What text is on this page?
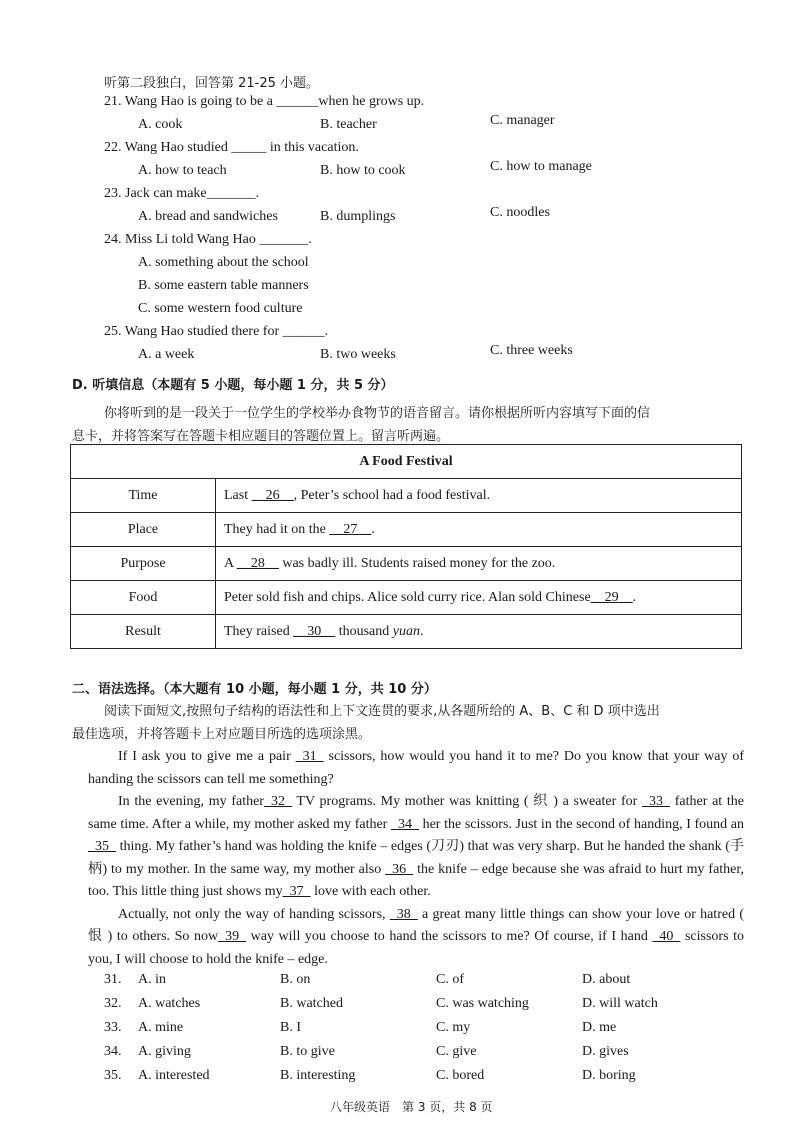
听第二段独白，回答第 21-25 小题。
21. Wang Hao is going to be a ______when he grows up.
A. cook	B. teacher	C. manager
22. Wang Hao studied _____ in this vacation.
A. how to teach	B. how to cook	C. how to manage
23. Jack can make_______.
A. bread and sandwiches	B. dumplings	C. noodles
24. Miss Li told Wang Hao _______.
A. something about the school
B. some eastern table manners
C. some western food culture
25. Wang Hao studied there for ______.
A. a week	B. two weeks	C. three weeks
D. 听填信息（本题有 5 小题，每小题 1 分，共 5 分）
你将听到的是一段关于一位学生的学校举办食物节的语音留言。请你根据所听内容填写下面的信
息卡，并将答案写在答题卡相应题目的答题位置上。留言听两遍。
A Food Festival	
Time	Last __26__, Peter’s school had a food festival.
Place	They had it on the __27__.
Purpose	A __28__ was badly ill. Students raised money for the zoo.
Food	Peter sold fish and chips. Alice sold curry rice. Alan sold Chinese__29__.
Result	They raised __30__ thousand yuan.
二、语法选择。（本大题有 10 小题，每小题 1 分，共 10 分）
阅读下面短文,按照句子结构的语法性和上下文连贯的要求,从各题所给的 A、B、C 和 D 项中选出
最佳选项，并将答题卡上对应题目所选的选项涂黑。

If I ask you to give me a pair  31  scissors, how would you hand it to me? Do you know that your way of handing the scissors can tell me something?

In the evening, my father 32  TV programs. My mother was knitting ( 织 ) a sweater for  33  father at the same time. After a while, my mother asked my father  34  her the scissors. Just in the second of handing, I found an  35  thing. My father’s hand was holding the knife – edges (刀刃) that was very sharp. But he handed the shank (手柄) to my mother. In the same way, my mother also  36  the knife – edge because she was afraid to hurt my father, too. This little thing just shows my 37  love with each other.

Actually, not only the way of handing scissors,  38  a great many little things can show your love or hatred ( 恨 ) to others. So now 39  way will you choose to hand the scissors to me? Of course, if I hand  40  scissors to you, I will choose to hold the knife – edge.

31. A. in	B. on	C. of	D. about
32. A. watches	B. watched	C. was watching	D. will watch
33. A. mine	B. I	C. my	D. me
34. A. giving	B. to give	C. give	D. gives
35. A. interested	B. interesting	C. bored	D. boring
八年级英语　第 3 页，共 8 页
